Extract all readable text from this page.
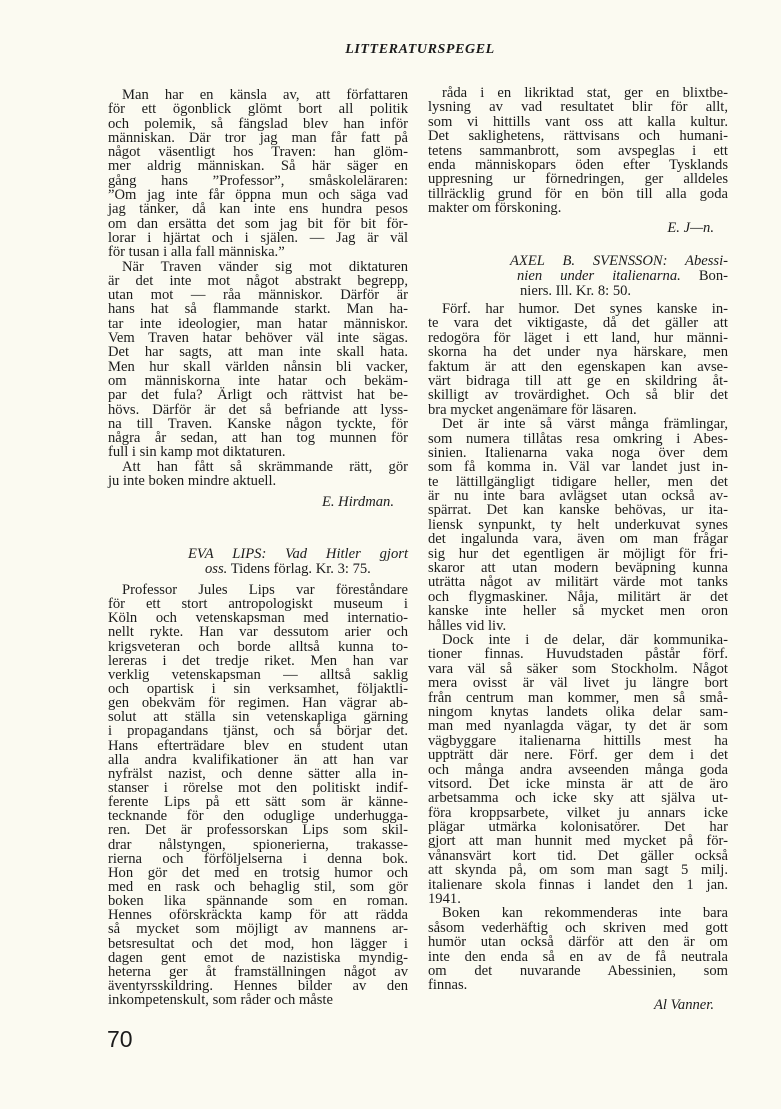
LITTERATURSPEGEL
Man har en känsla av, att författaren
för ett ögonblick glömt bort all politik
och polemik, så fängslad blev han inför
människan. Där tror jag man får fatt på
något väsentligt hos Traven: han glöm-
mer aldrig människan. Så här säger en
gång hans ”Professor”, småskoleläraren:
”Om jag inte får öppna mun och säga vad
jag tänker, då kan inte ens hundra pesos
om dan ersätta det som jag bit för bit för-
lorar i hjärtat och i själen. — Jag är väl
för tusan i alla fall människa.”
När Traven vänder sig mot diktaturen
är det inte mot något abstrakt begrepp,
utan mot — råa människor. Därför är
hans hat så flammande starkt. Man ha-
tar inte ideologier, man hatar människor.
Vem Traven hatar behöver väl inte sägas.
Det har sagts, att man inte skall hata.
Men hur skall världen nånsin bli vacker,
om människorna inte hatar och bekäm-
par det fula? Ärligt och rättvist hat be-
hövs. Därför är det så befriande att lyss-
na till Traven. Kanske någon tyckte, för
några år sedan, att han tog munnen för
full i sin kamp mot diktaturen.
Att han fått så skrämmande rätt, gör
ju inte boken mindre aktuell.
E. Hirdman.
EVA LIPS: Vad Hitler gjort
oss. Tidens förlag. Kr. 3: 75.
Professor Jules Lips var föreståndare
för ett stort antropologiskt museum i
Köln och vetenskapsman med internatio-
nellt rykte. Han var dessutom arier och
krigsveteran och borde alltså kunna to-
lereras i det tredje riket. Men han var
verklig vetenskapsman — alltså saklig
och opartisk i sin verksamhet, följaktli-
gen obekväm för regimen. Han vägrar ab-
solut att ställa sin vetenskapliga gärning
i propagandans tjänst, och så börjar det.
Hans efterträdare blev en student utan
alla andra kvalifikationer än att han var
nyfrälst nazist, och denne sätter alla in-
stanser i rörelse mot den politiskt indif-
ferente Lips på ett sätt som är känne-
tecknande för den oduglige underhugga-
ren. Det är professorskan Lips som skil-
drar nålstyngen, spionerierna, trakasse-
rierna och förföljelserna i denna bok.
Hon gör det med en trotsig humor och
med en rask och behaglig stil, som gör
boken lika spännande som en roman.
Hennes oförskräckta kamp för att rädda
så mycket som möjligt av mannens ar-
betsresultat och det mod, hon lägger i
dagen gent emot de nazistiska myndig-
heterna ger åt framställningen något av
äventyrsskildring. Hennes bilder av den
inkompetenskult, som råder och måste
70
råda i en likriktad stat, ger en blixtbe-
lysning av vad resultatet blir för allt,
som vi hittills vant oss att kalla kultur.
Det saklighetens, rättvisans och humani-
tetens sammanbrott, som avspeglas i ett
enda människopars öden efter Tysklands
uppresning ur förnedringen, ger alldeles
tillräcklig grund för en bön till alla goda
makter om förskoning.
E. J—n.
AXEL B. SVENSSON: Abessi-
nien under italienarna. Bon-
niers. Ill. Kr. 8: 50.
Förf. har humor. Det synes kanske in-
te vara det viktigaste, då det gäller att
redogöra för läget i ett land, hur männi-
skorna ha det under nya härskare, men
faktum är att den egenskapen kan avse-
värt bidraga till att ge en skildring åt-
skilligt av trovärdighet. Och så blir det
bra mycket angenämare för läsaren.
Det är inte så värst många främlingar,
som numera tillåtas resa omkring i Abes-
sinien. Italienarna vaka noga över dem
som få komma in. Väl var landet just in-
te lättillgängligt tidigare heller, men det
är nu inte bara avlägset utan också av-
spärrat. Det kan kanske behövas, ur ita-
liensk synpunkt, ty helt underkuvat synes
det ingalunda vara, även om man frågar
sig hur det egentligen är möjligt för fri-
skaror att utan modern beväpning kunna
uträtta något av militärt värde mot tanks
och flygmaskiner. Nåja, militärt är det
kanske inte heller så mycket men oron
hålles vid liv.
Dock inte i de delar, där kommunika-
tioner finnas. Huvudstaden påstår förf.
vara väl så säker som Stockholm. Något
mera ovisst är väl livet ju längre bort
från centrum man kommer, men så små-
ningom knytas landets olika delar sam-
man med nyanlagda vägar, ty det är som
vägbyggare italienarna hittills mest ha
uppträtt där nere. Förf. ger dem i det
och många andra avseenden många goda
vitsord. Det icke minsta är att de äro
arbetsamma och icke sky att själva ut-
föra kroppsarbete, vilket ju annars icke
plägar utmärka kolonisatörer. Det har
gjort att man hunnit med mycket på för-
vånansvärt kort tid. Det gäller också
att skynda på, om som man sagt 5 milj.
italienare skola finnas i landet den 1 jan.
1941.
Boken kan rekommenderas inte bara
såsom vederhäftig och skriven med gott
humör utan också därför att den är om
inte den enda så en av de få neutrala
om det nuvarande Abessinien, som
finnas.
Al Vanner.
